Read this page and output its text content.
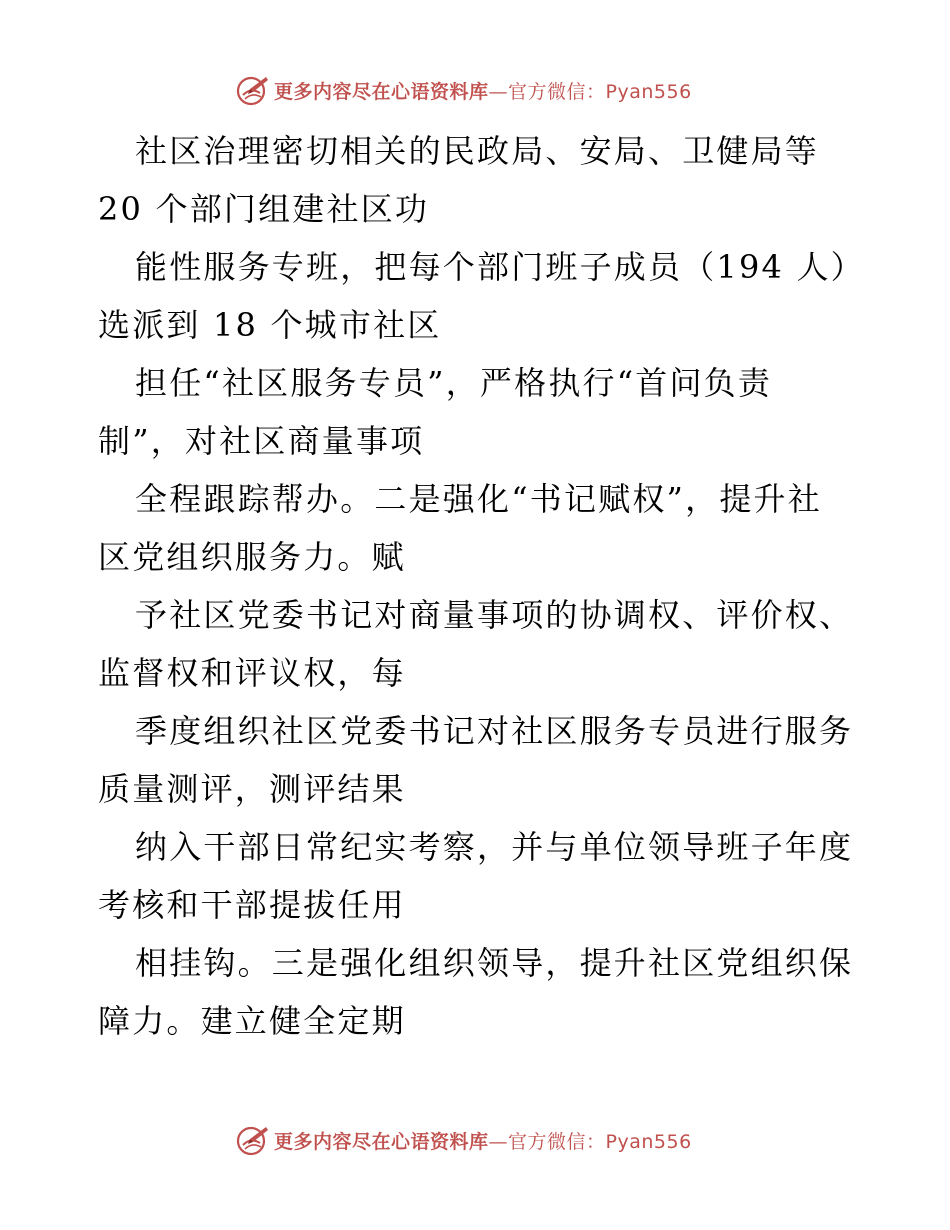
更多内容尽在心语资料库—官方微信：Pyan556
社区治理密切相关的民政局、安局、卫健局等
20 个部门组建社区功
能性服务专班，把每个部门班子成员（194 人）
选派到 18 个城市社区
担任“社区服务专员”，严格执行“首问负责
制”，对社区商量事项
全程跟踪帮办。二是强化“书记赋权”，提升社
区党组织服务力。赋
予社区党委书记对商量事项的协调权、评价权、
监督权和评议权，每
季度组织社区党委书记对社区服务专员进行服务
质量测评，测评结果
纳入干部日常纪实考察，并与单位领导班子年度
考核和干部提拔任用
相挂钩。三是强化组织领导，提升社区党组织保
障力。建立健全定期
更多内容尽在心语资料库—官方微信：Pyan556
